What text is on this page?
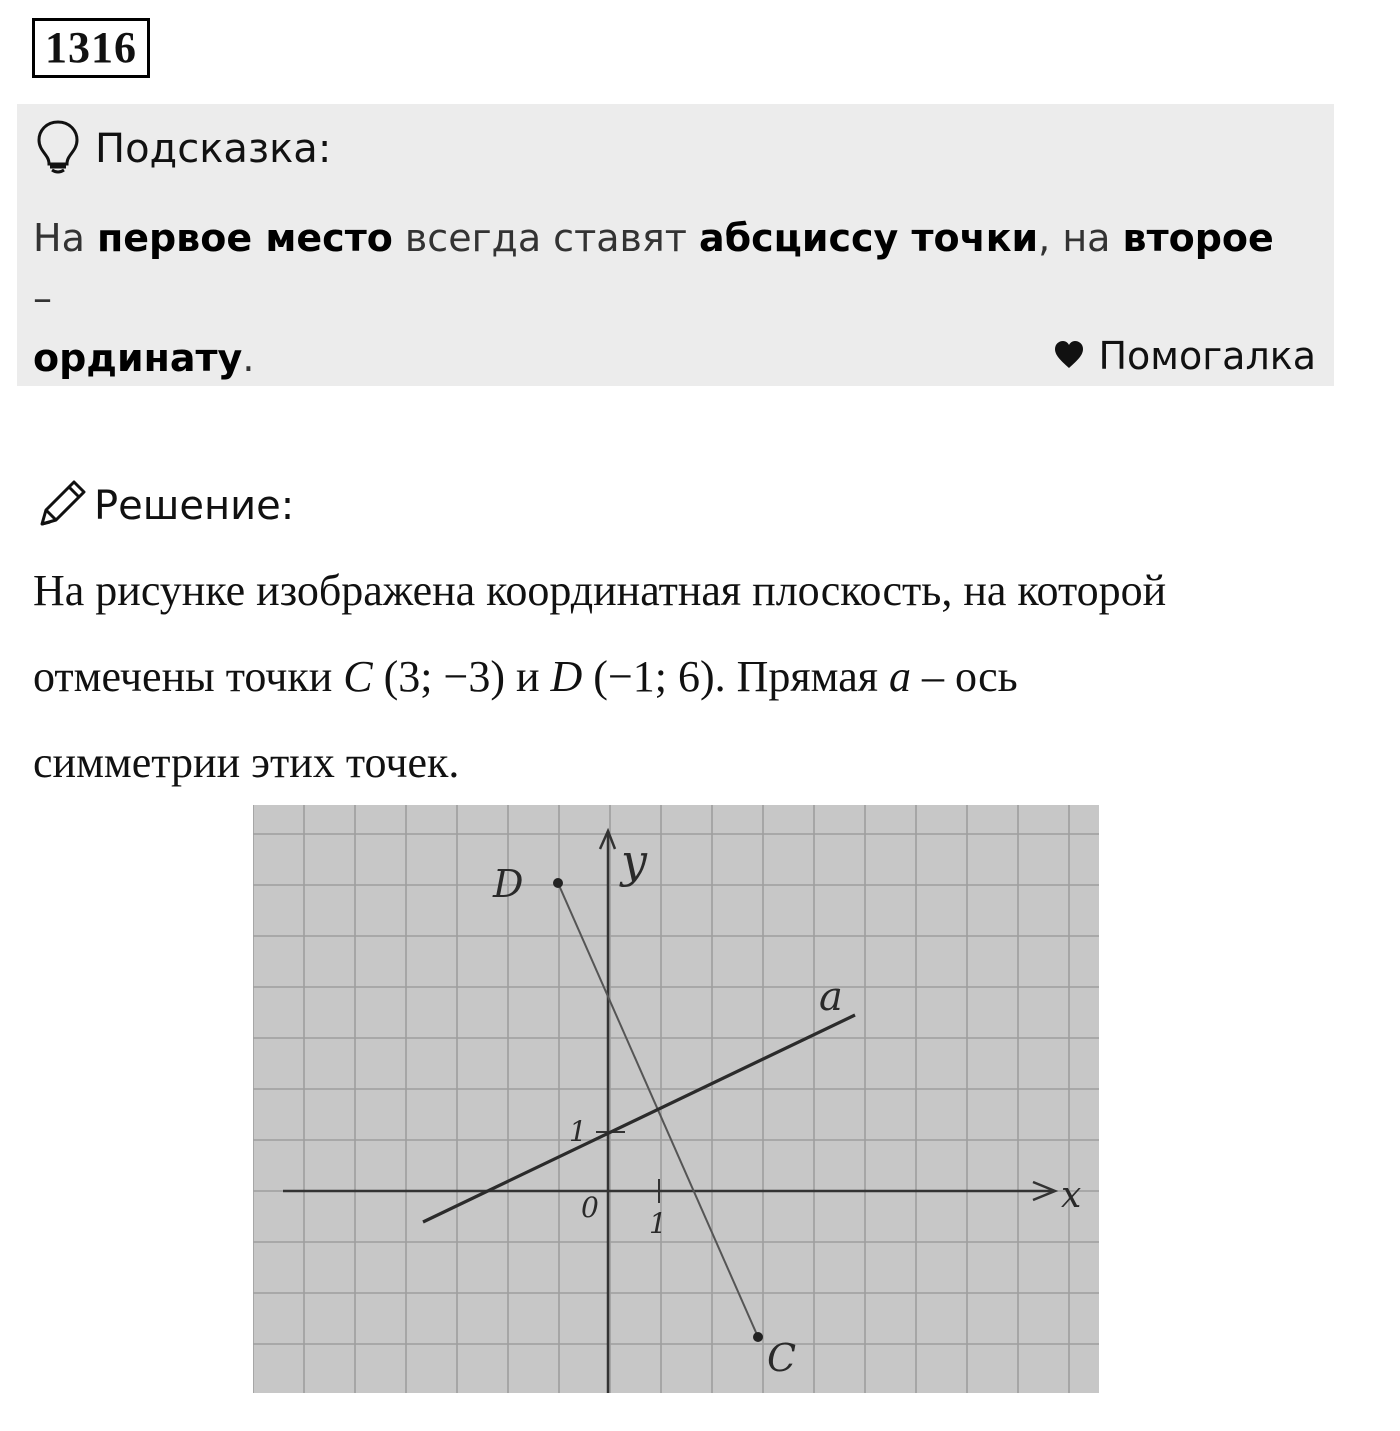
1316
Подсказка:
На первое место всегда ставят абсциссу точки, на второе –
ординату.	Помогалка
Решение:
На рисунке изображена координатная плоскость, на которой
отмечены точки C (3; −3) и D (−1; 6). Прямая a – ось
симметрии этих точек.
y
x
0 1
1
a
D
C
